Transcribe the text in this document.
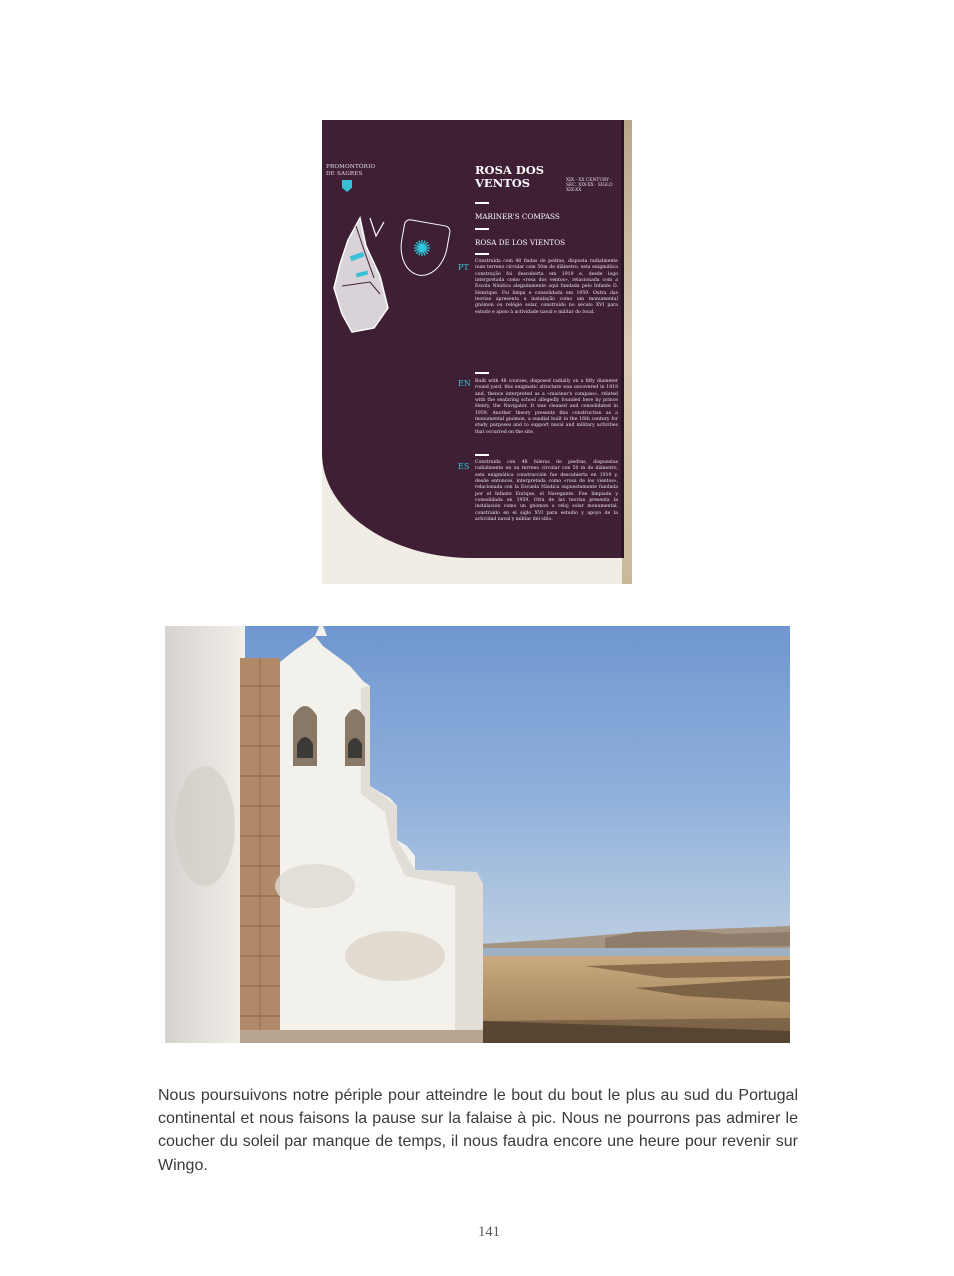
PROMONTÓRIO DE SAGRES
✺
ROSA DOS VENTOS	XIX - XX CENTURY · SÉC. XIX-XX · SIGLO XIX-XX
MARINER'S COMPASS
ROSA DE LOS VIENTOS
PT
Construída com 48 fiadas de pedras, disposta radialmente num terreno circular com 50m de diâmetro, esta enigmática construção foi descoberta em 1919 e, desde logo interpretada como «rosa dos ventos», relacionada com a Escola Náutica alegadamente aqui fundada pelo Infante D. Henrique. Foi limpa e consolidada em 1959. Outra das teorias apresenta a instalação como um monumental gnómon ou relógio solar, construído no século XVI para estudo e apoio à actividade naval e militar do local.
EN Built with 48 courses, disposed radially on a fifty diameter round yard, this enigmatic structure was uncovered in 1919 and, thence interpreted as a «mariner's compass», related with the seafaring school allegedly founded here by prince Henry, the Navigator. It was cleaned and consolidated in 1959. Another theory presents this construction as a monumental gnomon, a sundial built in the 16th century for study purposes and to support naval and military activities that occurred on the site.
ES Construida con 48 hileras de piedras, dispuestas radialmente en un terreno circular con 50 m de diámetro, esta enigmática construcción fue descubierta en 1919 y, desde entonces, interpretada como «rosa de los vientos», relacionada con la Escuela Náutica supuestamente fundada por el Infante Enrique, el Navegante. Fue limpiada y consolidada en 1959. Otra de las teorías presenta la instalación como un gnomon o reloj solar monumental, construido en el siglo XVI para estudio y apoyo de la actividad naval y militar del sitio.

Nous poursuivons notre périple pour atteindre le bout du bout le plus au sud du Portugal continental et nous faisons la pause sur la falaise à pic. Nous ne pourrons pas admirer le coucher du soleil par manque de temps, il nous faudra encore une heure pour revenir sur Wingo.

141
